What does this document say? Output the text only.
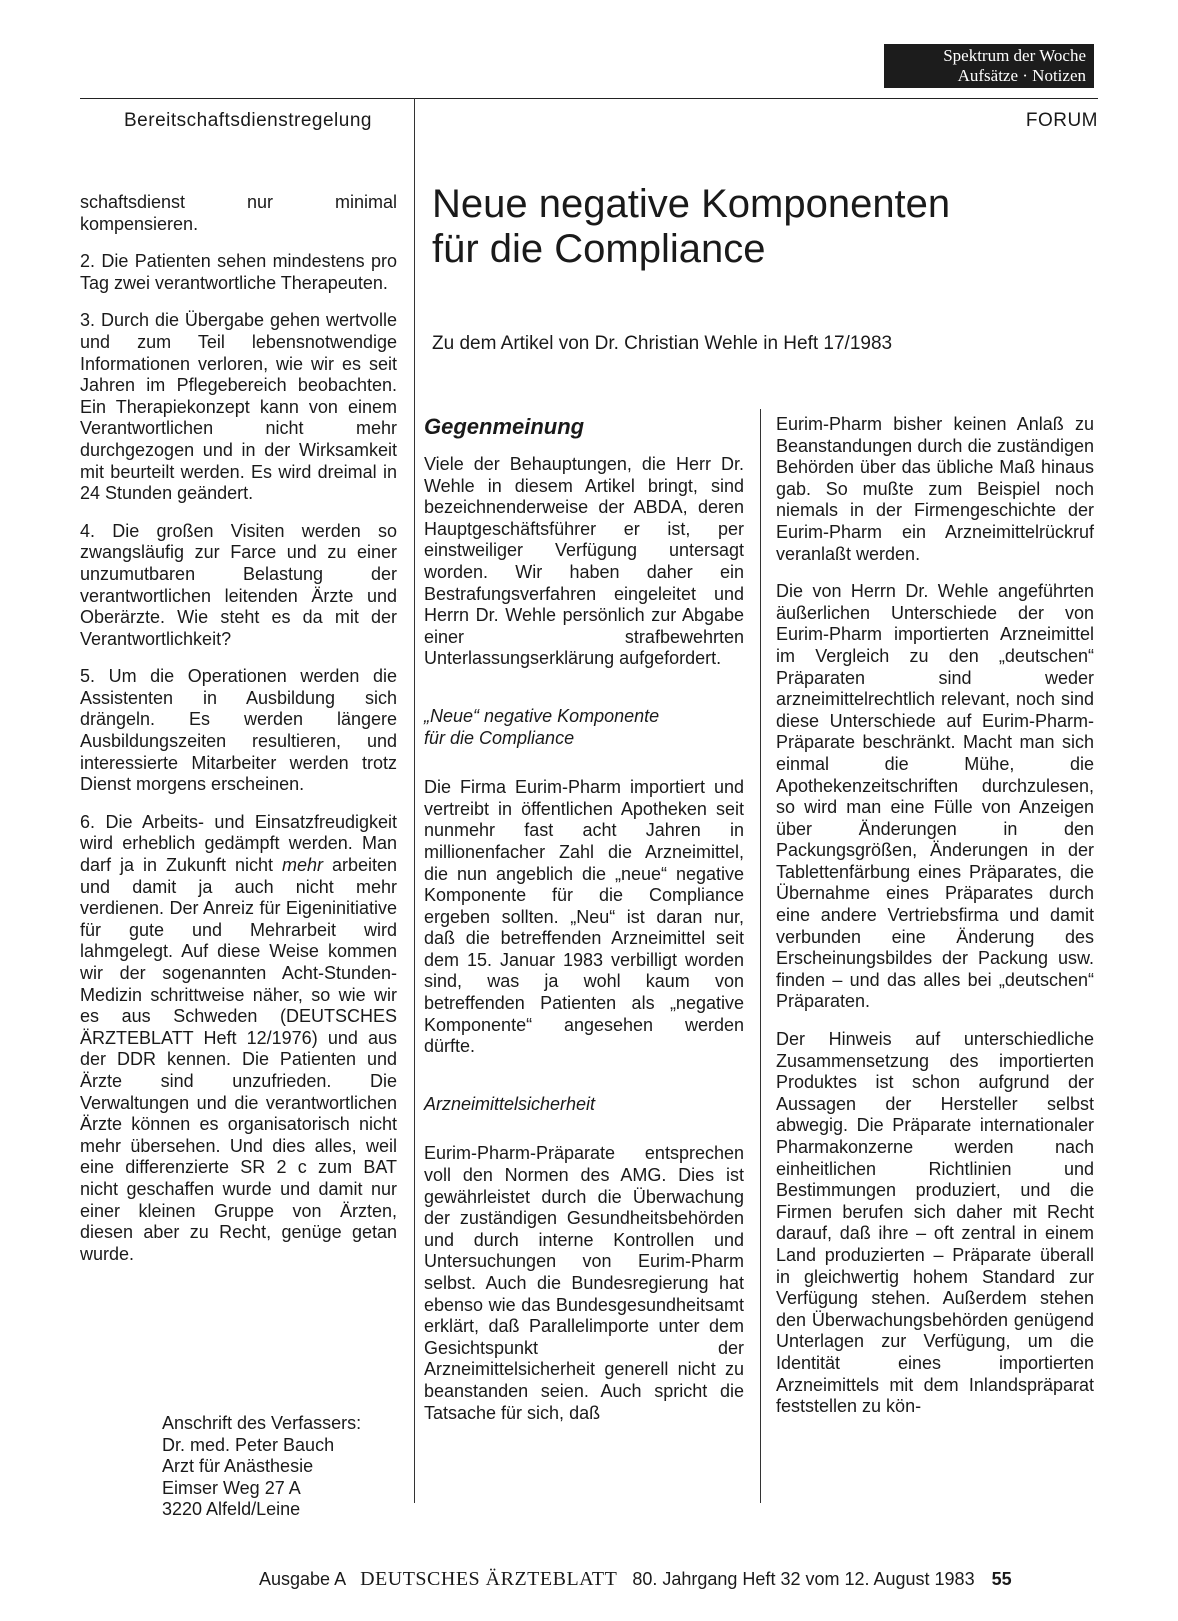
Spektrum der Woche
Aufsätze · Notizen
Bereitschaftsdienstregelung	FORUM

schaftsdienst nur minimal kompensieren.

2. Die Patienten sehen mindestens pro Tag zwei verantwortliche Therapeuten.

3. Durch die Übergabe gehen wertvolle und zum Teil lebensnotwendige Informationen verloren, wie wir es seit Jahren im Pflegebereich beobachten. Ein Therapiekonzept kann von einem Verantwortlichen nicht mehr durchgezogen und in der Wirksamkeit mit beurteilt werden. Es wird dreimal in 24 Stunden geändert.

4. Die großen Visiten werden so zwangsläufig zur Farce und zu einer unzumutbaren Belastung der verantwortlichen leitenden Ärzte und Oberärzte. Wie steht es da mit der Verantwortlichkeit?

5. Um die Operationen werden die Assistenten in Ausbildung sich drängeln. Es werden längere Ausbildungszeiten resultieren, und interessierte Mitarbeiter werden trotz Dienst morgens erscheinen.

6. Die Arbeits- und Einsatzfreudigkeit wird erheblich gedämpft werden. Man darf ja in Zukunft nicht mehr arbeiten und damit ja auch nicht mehr verdienen. Der Anreiz für Eigeninitiative für gute und Mehrarbeit wird lahmgelegt. Auf diese Weise kommen wir der sogenannten Acht-Stunden-Medizin schrittweise näher, so wie wir es aus Schweden (DEUTSCHES ÄRZTEBLATT Heft 12/1976) und aus der DDR kennen. Die Patienten und Ärzte sind unzufrieden. Die Verwaltungen und die verantwortlichen Ärzte können es organisatorisch nicht mehr übersehen. Und dies alles, weil eine differenzierte SR 2 c zum BAT nicht geschaffen wurde und damit nur einer kleinen Gruppe von Ärzten, diesen aber zu Recht, genüge getan wurde.

Anschrift des Verfassers:
Dr. med. Peter Bauch
Arzt für Anästhesie
Eimser Weg 27 A
3220 Alfeld/Leine
Neue negative Komponenten
für die Compliance
Zu dem Artikel von Dr. Christian Wehle in Heft 17/1983
Gegenmeinung

Viele der Behauptungen, die Herr Dr. Wehle in diesem Artikel bringt, sind bezeichnenderweise der ABDA, deren Hauptgeschäftsführer er ist, per einstweiliger Verfügung untersagt worden. Wir haben daher ein Bestrafungsverfahren eingeleitet und Herrn Dr. Wehle persönlich zur Abgabe einer strafbewehrten Unterlassungserklärung aufgefordert.

„Neue“ negative Komponente
für die Compliance

Die Firma Eurim-Pharm importiert und vertreibt in öffentlichen Apotheken seit nunmehr fast acht Jahren in millionenfacher Zahl die Arzneimittel, die nun angeblich die „neue“ negative Komponente für die Compliance ergeben sollten. „Neu“ ist daran nur, daß die betreffenden Arzneimittel seit dem 15. Januar 1983 verbilligt worden sind, was ja wohl kaum von betreffenden Patienten als „negative Komponente“ angesehen werden dürfte.

Arzneimittelsicherheit

Eurim-Pharm-Präparate entsprechen voll den Normen des AMG. Dies ist gewährleistet durch die Überwachung der zuständigen Gesundheitsbehörden und durch interne Kontrollen und Untersuchungen von Eurim-Pharm selbst. Auch die Bundesregierung hat ebenso wie das Bundesgesundheitsamt erklärt, daß Parallelimporte unter dem Gesichtspunkt der Arzneimittelsicherheit generell nicht zu beanstanden seien. Auch spricht die Tatsache für sich, daß

Eurim-Pharm bisher keinen Anlaß zu Beanstandungen durch die zuständigen Behörden über das übliche Maß hinaus gab. So mußte zum Beispiel noch niemals in der Firmengeschichte der Eurim-Pharm ein Arzneimittelrückruf veranlaßt werden.

Die von Herrn Dr. Wehle angeführten äußerlichen Unterschiede der von Eurim-Pharm importierten Arzneimittel im Vergleich zu den „deutschen“ Präparaten sind weder arzneimittelrechtlich relevant, noch sind diese Unterschiede auf Eurim-Pharm-Präparate beschränkt. Macht man sich einmal die Mühe, die Apothekenzeitschriften durchzulesen, so wird man eine Fülle von Anzeigen über Änderungen in den Packungsgrößen, Änderungen in der Tablettenfärbung eines Präparates, die Übernahme eines Präparates durch eine andere Vertriebsfirma und damit verbunden eine Änderung des Erscheinungsbildes der Packung usw. finden – und das alles bei „deutschen“ Präparaten.

Der Hinweis auf unterschiedliche Zusammensetzung des importierten Produktes ist schon aufgrund der Aussagen der Hersteller selbst abwegig. Die Präparate internationaler Pharmakonzerne werden nach einheitlichen Richtlinien und Bestimmungen produziert, und die Firmen berufen sich daher mit Recht darauf, daß ihre – oft zentral in einem Land produzierten – Präparate überall in gleichwertig hohem Standard zur Verfügung stehen. Außerdem stehen den Überwachungsbehörden genügend Unterlagen zur Verfügung, um die Identität eines importierten Arzneimittels mit dem Inlandspräparat feststellen zu kön-

Ausgabe A DEUTSCHES ÄRZTEBLATT 80. Jahrgang Heft 32 vom 12. August 1983 55
